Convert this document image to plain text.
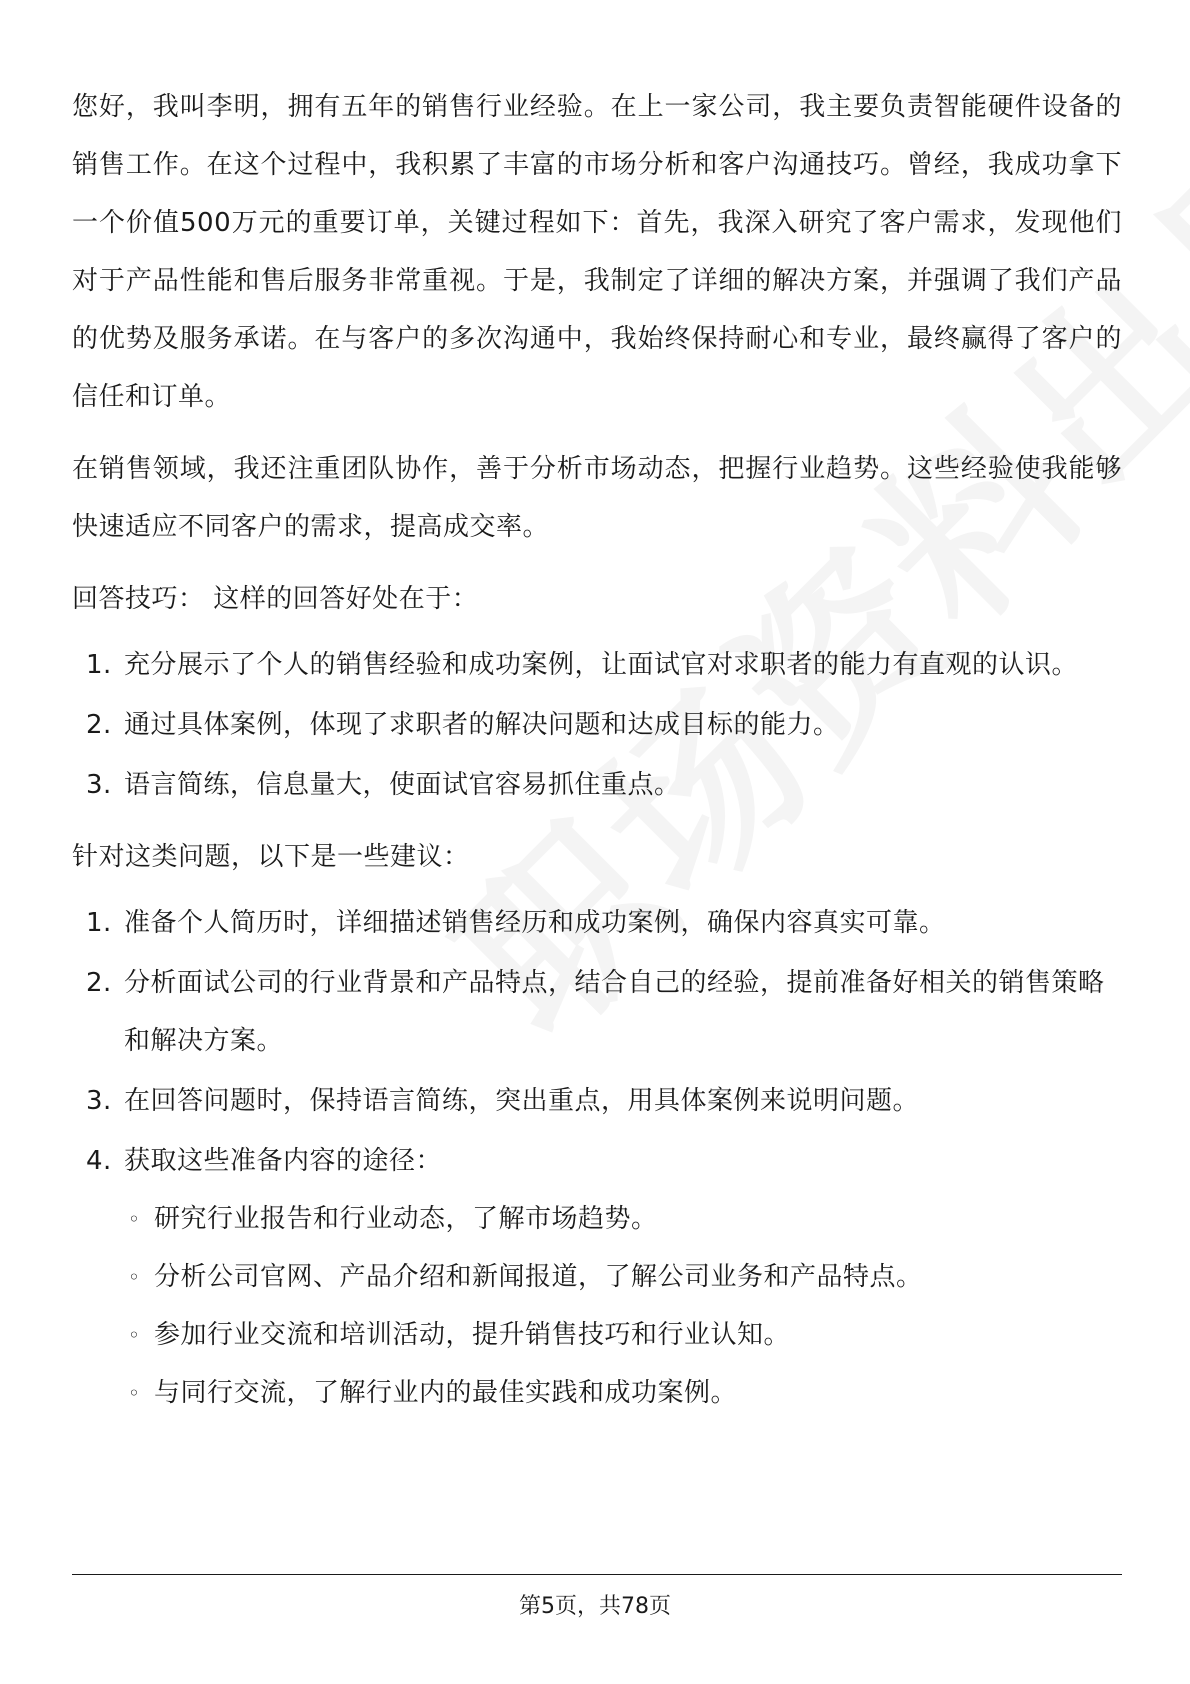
您好，我叫李明，拥有五年的销售行业经验。在上一家公司，我主要负责智能硬件设备的销售工作。在这个过程中，我积累了丰富的市场分析和客户沟通技巧。曾经，我成功拿下一个价值500万元的重要订单，关键过程如下：首先，我深入研究了客户需求，发现他们对于产品性能和售后服务非常重视。于是，我制定了详细的解决方案，并强调了我们产品的优势及服务承诺。在与客户的多次沟通中，我始终保持耐心和专业，最终赢得了客户的信任和订单。

在销售领域，我还注重团队协作，善于分析市场动态，把握行业趋势。这些经验使我能够快速适应不同客户的需求，提高成交率。

回答技巧： 这样的回答好处在于：

1. 充分展示了个人的销售经验和成功案例，让面试官对求职者的能力有直观的认识。
2. 通过具体案例，体现了求职者的解决问题和达成目标的能力。
3. 语言简练，信息量大，使面试官容易抓住重点。

针对这类问题，以下是一些建议：

1. 准备个人简历时，详细描述销售经历和成功案例，确保内容真实可靠。
2. 分析面试公司的行业背景和产品特点，结合自己的经验，提前准备好相关的销售策略和解决方案。
3. 在回答问题时，保持语言简练，突出重点，用具体案例来说明问题。
4. 获取这些准备内容的途径：
◦ 研究行业报告和行业动态，了解市场趋势。
◦ 分析公司官网、产品介绍和新闻报道，了解公司业务和产品特点。
◦ 参加行业交流和培训活动，提升销售技巧和行业认知。
◦ 与同行交流，了解行业内的最佳实践和成功案例。
第5页，共78页
